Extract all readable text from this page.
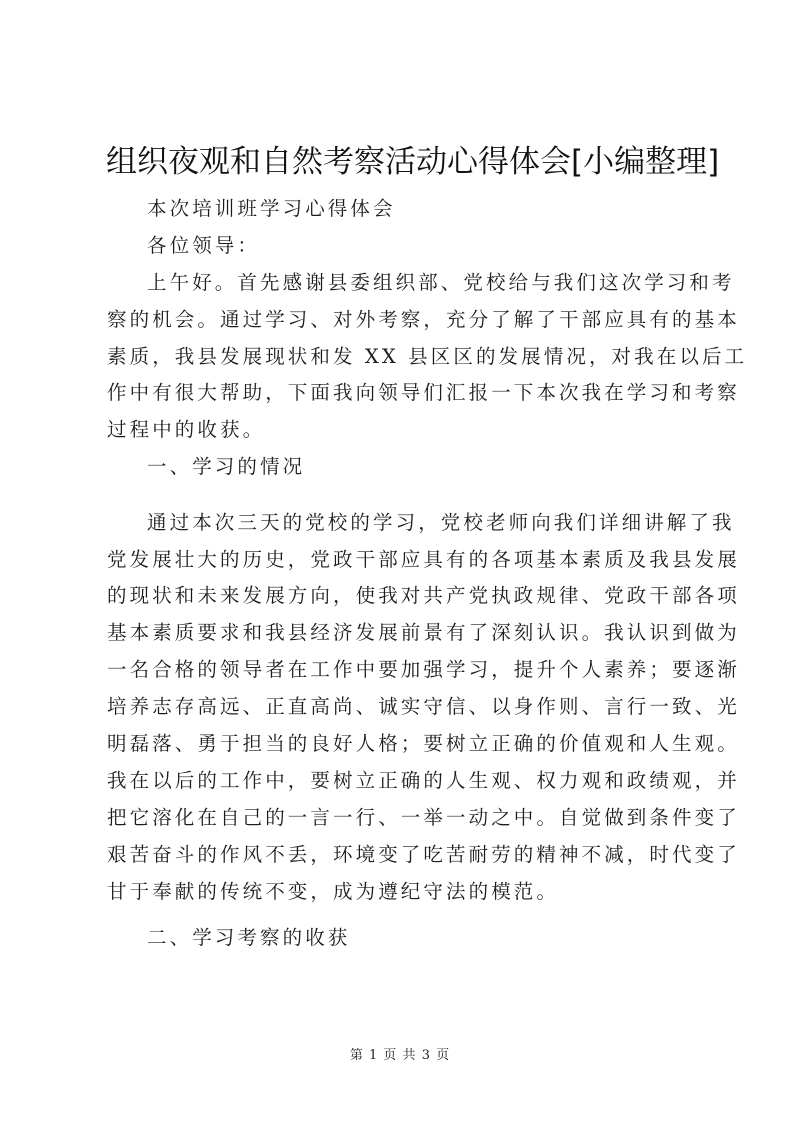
组织夜观和自然考察活动心得体会[小编整理]
本次培训班学习心得体会
各位领导：
上午好。首先感谢县委组织部、党校给与我们这次学习和考
察的机会。通过学习、对外考察，充分了解了干部应具有的基本
素质，我县发展现状和发 XX 县区区的发展情况，对我在以后工
作中有很大帮助，下面我向领导们汇报一下本次我在学习和考察
过程中的收获。
一、学习的情况
通过本次三天的党校的学习，党校老师向我们详细讲解了我
党发展壮大的历史，党政干部应具有的各项基本素质及我县发展
的现状和未来发展方向，使我对共产党执政规律、党政干部各项
基本素质要求和我县经济发展前景有了深刻认识。我认识到做为
一名合格的领导者在工作中要加强学习，提升个人素养；要逐渐
培养志存高远、正直高尚、诚实守信、以身作则、言行一致、光
明磊落、勇于担当的良好人格；要树立正确的价值观和人生观。
我在以后的工作中，要树立正确的人生观、权力观和政绩观，并
把它溶化在自己的一言一行、一举一动之中。自觉做到条件变了
艰苦奋斗的作风不丢，环境变了吃苦耐劳的精神不减，时代变了
甘于奉献的传统不变，成为遵纪守法的模范。
二、学习考察的收获
第 1 页 共 3 页
